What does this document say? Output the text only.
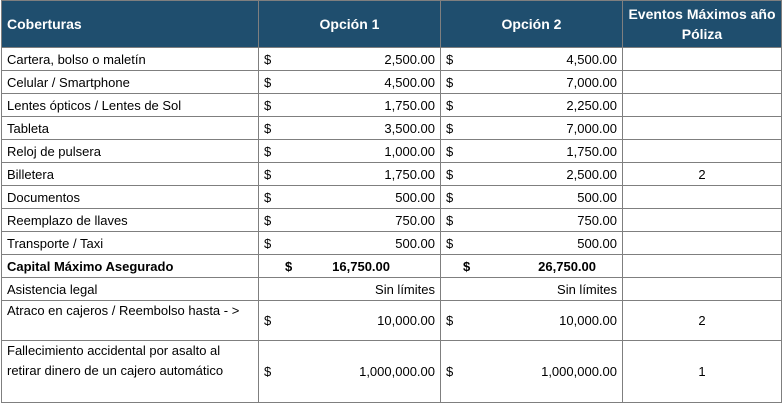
Coberturas	Opción 1		Opción 2		Eventos Máximos año Póliza
Cartera, bolso o maletín	$	2,500.00	$	4,500.00	
Celular / Smartphone	$	4,500.00	$	7,000.00	
Lentes ópticos / Lentes de Sol	$	1,750.00	$	2,250.00	
Tableta	$	3,500.00	$	7,000.00	
Reloj de pulsera	$	1,000.00	$	1,750.00	
Billetera	$	1,750.00	$	2,500.00	2
Documentos	$	500.00	$	500.00	
Reemplazo de llaves	$	750.00	$	750.00	
Transporte / Taxi	$	500.00	$	500.00	
Capital Máximo Asegurado	$	16,750.00	$	26,750.00	
Asistencia legal	Sin límites		Sin límites		
Atraco en cajeros / Reembolso hasta - >	$	10,000.00	$	10,000.00	2
Fallecimiento accidental por asalto al retirar dinero de un cajero automático	$	1,000,000.00	$	1,000,000.00	1
